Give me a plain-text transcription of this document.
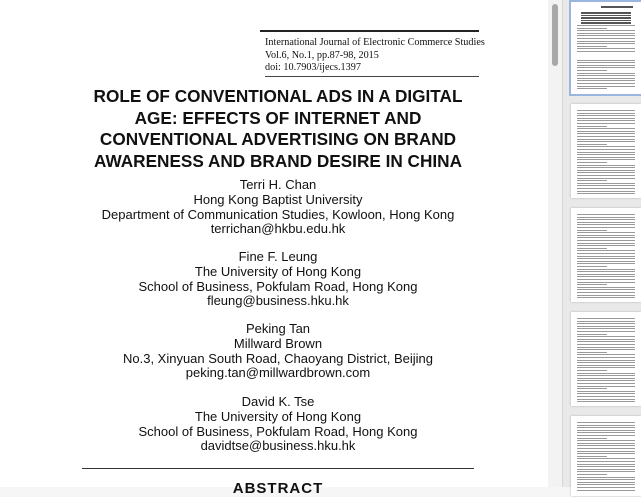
International Journal of Electronic Commerce Studies
Vol.6, No.1, pp.87-98, 2015
doi: 10.7903/ijecs.1397
ROLE OF CONVENTIONAL ADS IN A DIGITAL
AGE: EFFECTS OF INTERNET AND
CONVENTIONAL ADVERTISING ON BRAND
AWARENESS AND BRAND DESIRE IN CHINA
Terri H. Chan
Hong Kong Baptist University
Department of Communication Studies, Kowloon, Hong Kong
terrichan@hkbu.edu.hk
Fine F. Leung
The University of Hong Kong
School of Business, Pokfulam Road, Hong Kong
fleung@business.hku.hk
Peking Tan
Millward Brown
No.3, Xinyuan South Road, Chaoyang District, Beijing
peking.tan@millwardbrown.com
David K. Tse
The University of Hong Kong
School of Business, Pokfulam Road, Hong Kong
davidtse@business.hku.hk
ABSTRACT
